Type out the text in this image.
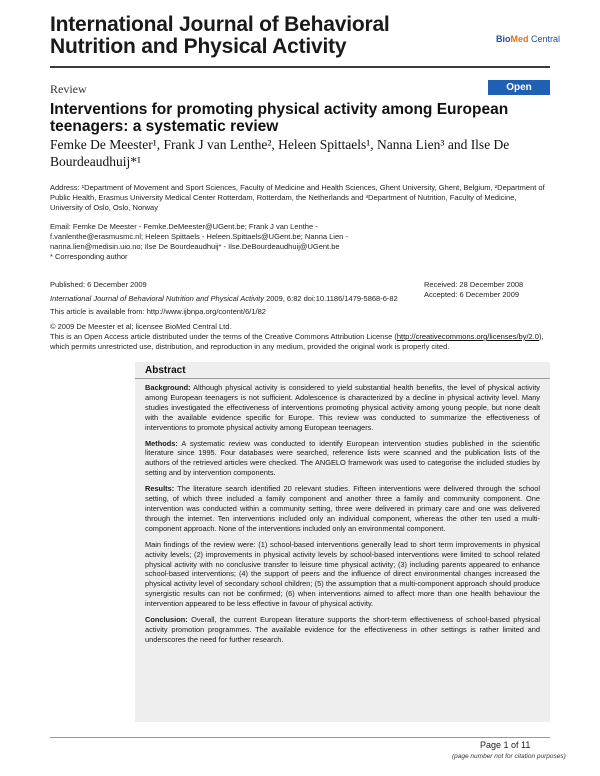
International Journal of Behavioral
Nutrition and Physical Activity	BioMed Central
Review	Open Access
Interventions for promoting physical activity among European teenagers: a systematic review
Femke De Meester¹, Frank J van Lenthe², Heleen Spittaels¹, Nanna Lien³ and Ilse De Bourdeaudhuij*¹
Address: ¹Department of Movement and Sport Sciences, Faculty of Medicine and Health Sciences, Ghent University, Ghent, Belgium, ²Department of Public Health, Erasmus University Medical Center Rotterdam, Rotterdam, the Netherlands and ³Department of Nutrition, Faculty of Medicine, University of Oslo, Oslo, Norway
Email: Femke De Meester - Femke.DeMeester@UGent.be; Frank J van Lenthe - f.vanlenthe@erasmusmc.nl; Heleen Spittaels - Heleen.Spittaels@UGent.be; Nanna Lien - nanna.lien@medisin.uio.no; Ilse De Bourdeaudhuij* - Ilse.DeBourdeaudhuij@UGent.be
* Corresponding author
Published: 6 December 2009	Received: 28 December 2008
Accepted: 6 December 2009
International Journal of Behavioral Nutrition and Physical Activity 2009, 6:82 doi:10.1186/1479-5868-6-82
This article is available from: http://www.ijbnpa.org/content/6/1/82
© 2009 De Meester et al; licensee BioMed Central Ltd.
This is an Open Access article distributed under the terms of the Creative Commons Attribution License (http://creativecommons.org/licenses/by/2.0), which permits unrestricted use, distribution, and reproduction in any medium, provided the original work is properly cited.
Abstract

Background: Although physical activity is considered to yield substantial health benefits, the level of physical activity among European teenagers is not sufficient. Adolescence is characterized by a decline in physical activity level. Many studies investigated the effectiveness of interventions promoting physical activity among young people, but none dealt with the available evidence specific for Europe. This review was conducted to summarize the effectiveness of interventions to promote physical activity among European teenagers.

Methods: A systematic review was conducted to identify European intervention studies published in the scientific literature since 1995. Four databases were searched, reference lists were scanned and the publication lists of the authors of the retrieved articles were checked. The ANGELO framework was used to categorise the included studies by setting and by intervention components.

Results: The literature search identified 20 relevant studies. Fifteen interventions were delivered through the school setting, of which three included a family component and another three a family and community component. One intervention was conducted within a community setting, three were delivered in primary care and one was delivered through the internet. Ten interventions included only an individual component, whereas the other ten used a multi-component approach. None of the interventions included only an environmental component.

Main findings of the review were: (1) school-based interventions generally lead to short term improvements in physical activity levels; (2) improvements in physical activity levels by school-based interventions were limited to school related physical activity with no conclusive transfer to leisure time physical activity; (3) including parents appeared to enhance school-based interventions; (4) the support of peers and the influence of direct environmental changes increased the physical activity level of secondary school children; (5) the assumption that a multi-component approach should produce synergistic results can not be confirmed; (6) when interventions aimed to affect more than one health behaviour the intervention appeared to be less effective in favour of physical activity.

Conclusion: Overall, the current European literature supports the short-term effectiveness of school-based physical activity promotion programmes. The available evidence for the effectiveness in other settings is rather limited and underscores the need for further research.

Page 1 of 11
(page number not for citation purposes)
